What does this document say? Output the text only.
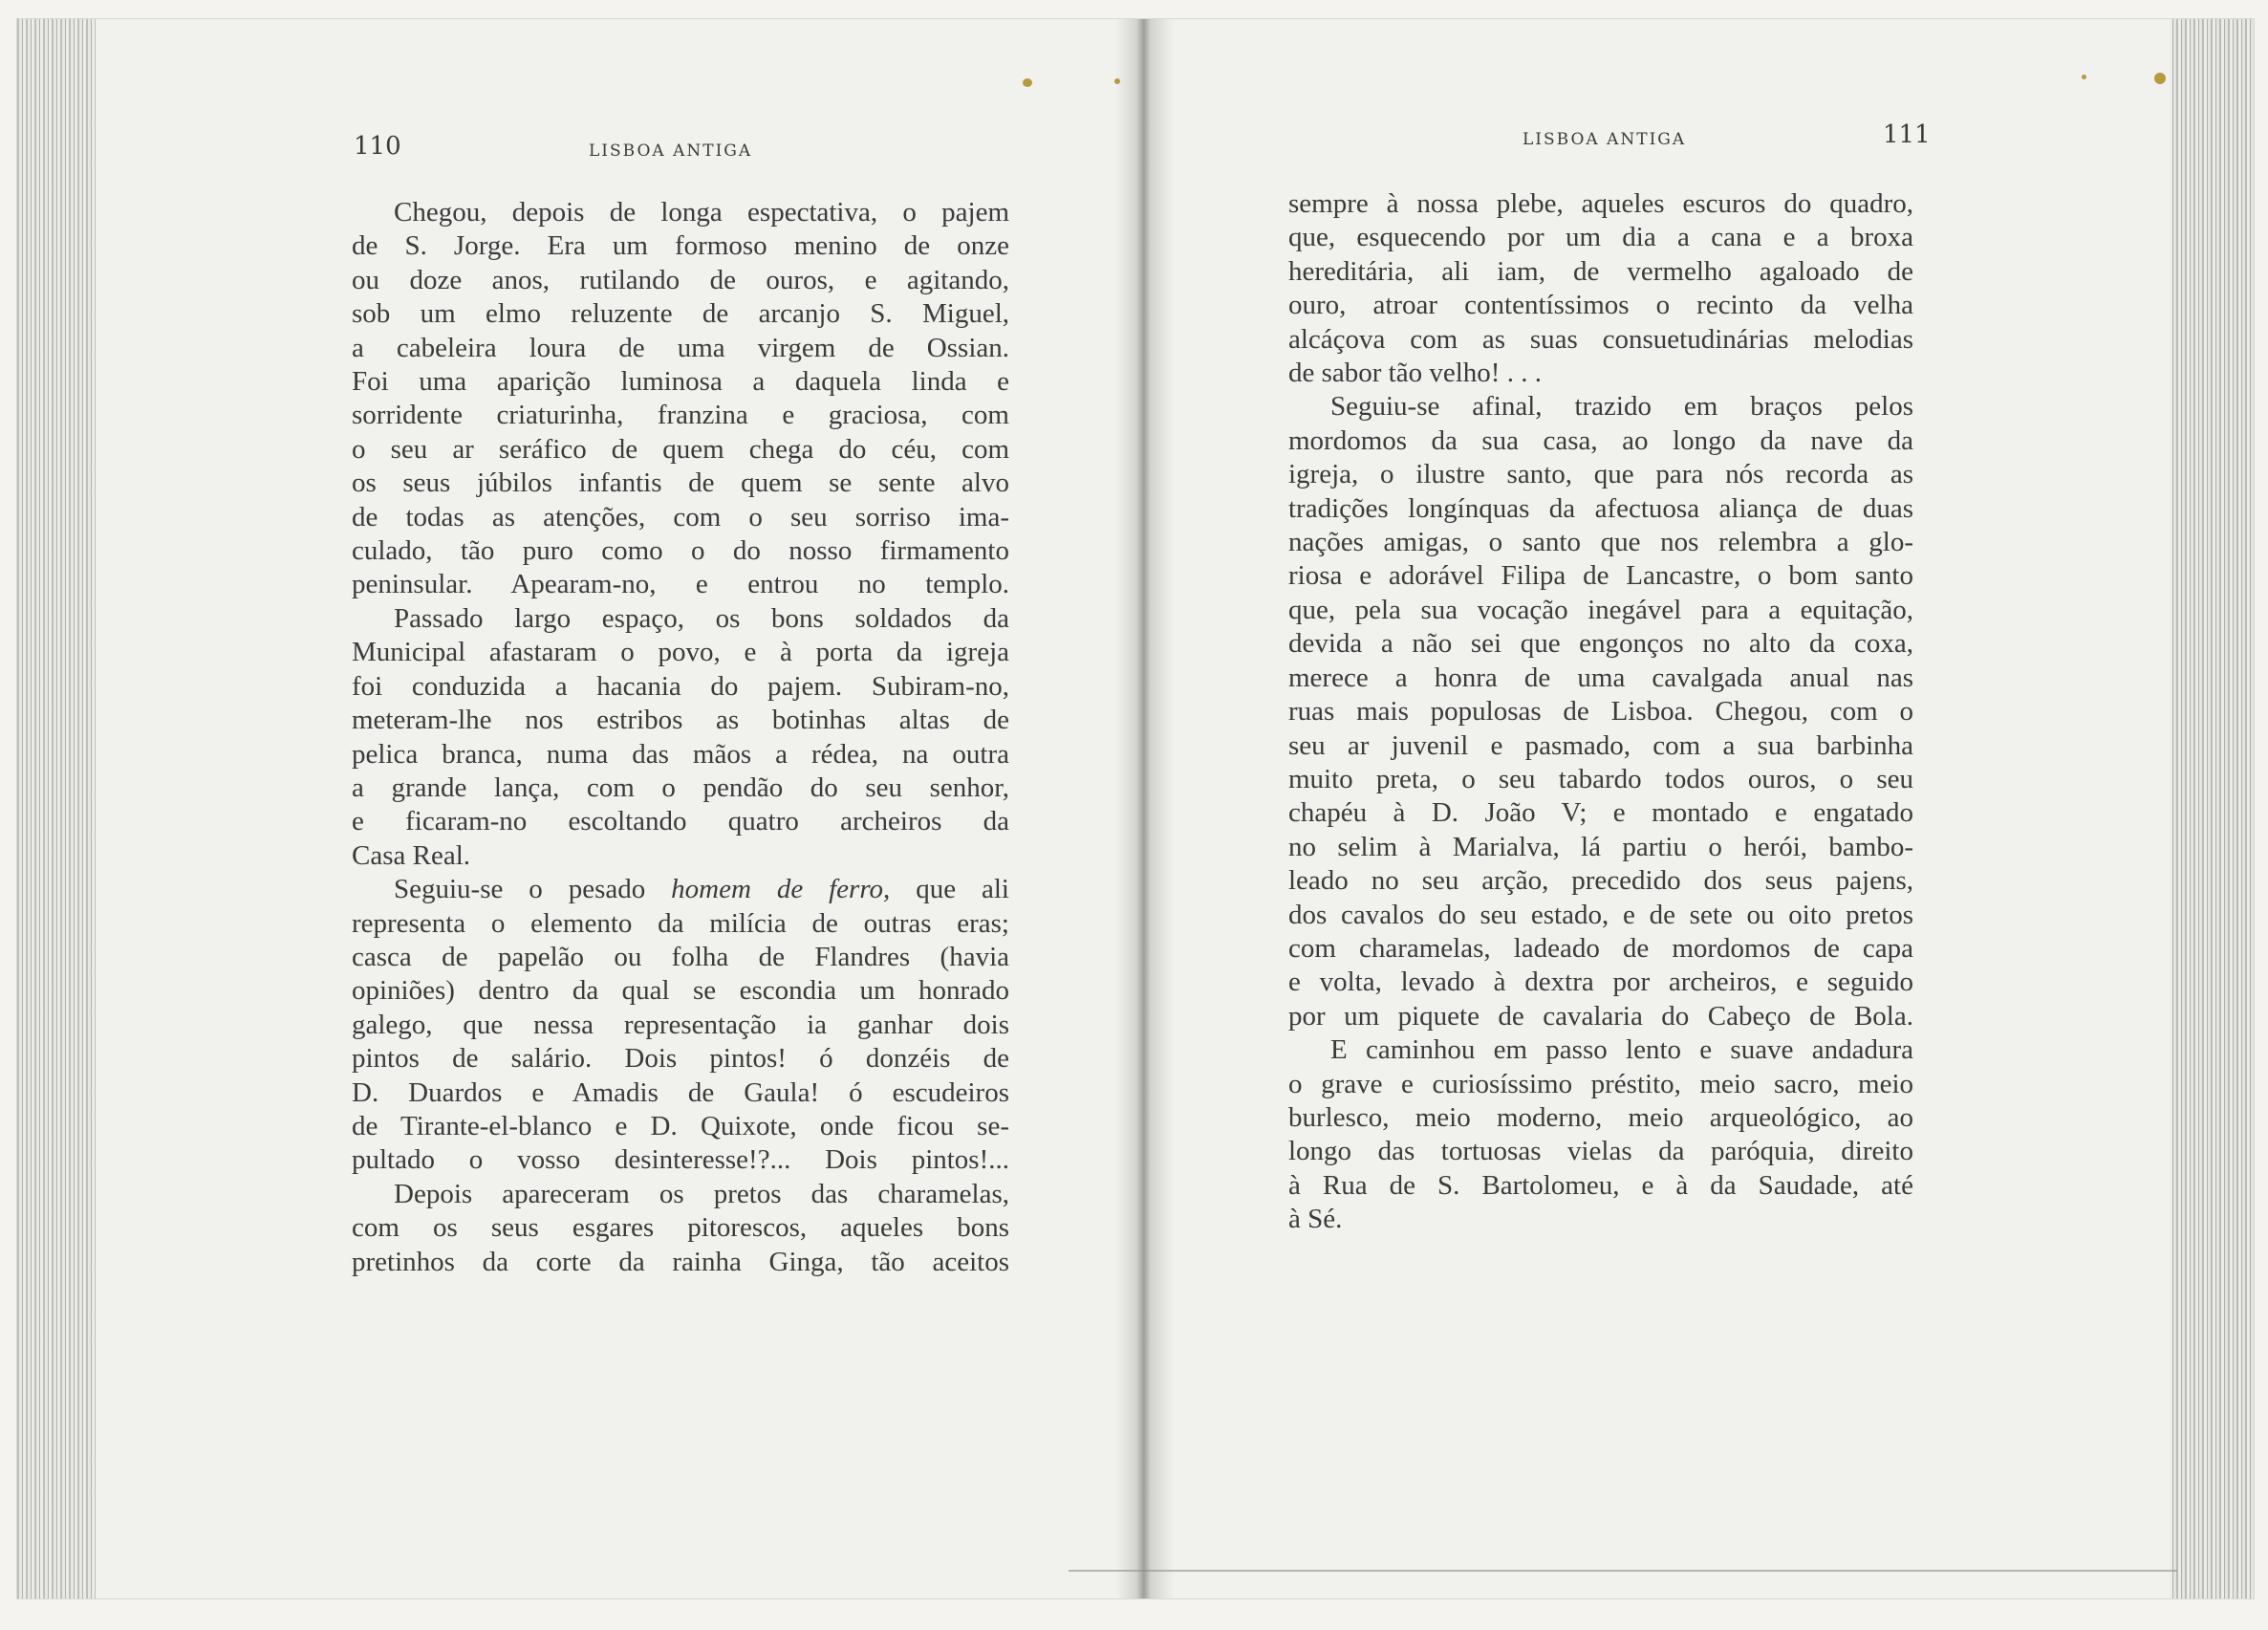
110	LISBOA ANTIGA
Chegou, depois de longa espectativa, o pajem
de S. Jorge. Era um formoso menino de onze
ou doze anos, rutilando de ouros, e agitando,
sob um elmo reluzente de arcanjo S. Miguel,
a cabeleira loura de uma virgem de Ossian.
Foi uma aparição luminosa a daquela linda e
sorridente criaturinha, franzina e graciosa, com
o seu ar seráfico de quem chega do céu, com
os seus júbilos infantis de quem se sente alvo
de todas as atenções, com o seu sorriso ima-
culado, tão puro como o do nosso firmamento
peninsular. Apearam-no, e entrou no templo.
Passado largo espaço, os bons soldados da
Municipal afastaram o povo, e à porta da igreja
foi conduzida a hacania do pajem. Subiram-no,
meteram-lhe nos estribos as botinhas altas de
pelica branca, numa das mãos a rédea, na outra
a grande lança, com o pendão do seu senhor,
e ficaram-no escoltando quatro archeiros da
Casa Real.
Seguiu-se o pesado homem de ferro, que ali
representa o elemento da milícia de outras eras;
casca de papelão ou folha de Flandres (havia
opiniões) dentro da qual se escondia um honrado
galego, que nessa representação ia ganhar dois
pintos de salário. Dois pintos! ó donzéis de
D. Duardos e Amadis de Gaula! ó escudeiros
de Tirante-el-blanco e D. Quixote, onde ficou se-
pultado o vosso desinteresse!?... Dois pintos!...
Depois apareceram os pretos das charamelas,
com os seus esgares pitorescos, aqueles bons
pretinhos da corte da rainha Ginga, tão aceitos
LISBOA ANTIGA	111
sempre à nossa plebe, aqueles escuros do quadro,
que, esquecendo por um dia a cana e a broxa
hereditária, ali iam, de vermelho agaloado de
ouro, atroar contentíssimos o recinto da velha
alcáçova com as suas consuetudinárias melodias
de sabor tão velho! . . .
Seguiu-se afinal, trazido em braços pelos
mordomos da sua casa, ao longo da nave da
igreja, o ilustre santo, que para nós recorda as
tradições longínquas da afectuosa aliança de duas
nações amigas, o santo que nos relembra a glo-
riosa e adorável Filipa de Lancastre, o bom santo
que, pela sua vocação inegável para a equitação,
devida a não sei que engonços no alto da coxa,
merece a honra de uma cavalgada anual nas
ruas mais populosas de Lisboa. Chegou, com o
seu ar juvenil e pasmado, com a sua barbinha
muito preta, o seu tabardo todos ouros, o seu
chapéu à D. João V; e montado e engatado
no selim à Marialva, lá partiu o herói, bambo-
leado no seu arção, precedido dos seus pajens,
dos cavalos do seu estado, e de sete ou oito pretos
com charamelas, ladeado de mordomos de capa
e volta, levado à dextra por archeiros, e seguido
por um piquete de cavalaria do Cabeço de Bola.
E caminhou em passo lento e suave andadura
o grave e curiosíssimo préstito, meio sacro, meio
burlesco, meio moderno, meio arqueológico, ao
longo das tortuosas vielas da paróquia, direito
à Rua de S. Bartolomeu, e à da Saudade, até
à Sé.
